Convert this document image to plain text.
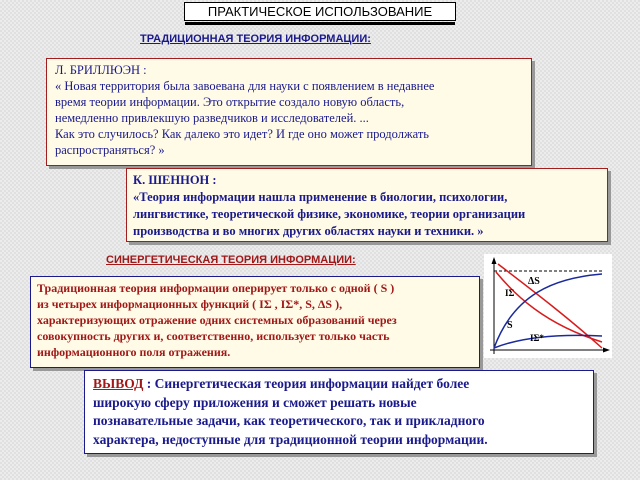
ПРАКТИЧЕСКОЕ ИСПОЛЬЗОВАНИЕ
ТРАДИЦИОННАЯ ТЕОРИЯ ИНФОРМАЦИИ:
Л. БРИЛЛЮЭН :
« Новая территория была завоевана для науки с появлением в недавнее
время теории информации. Это открытие создало новую область,
немедленно привлекшую разведчиков и исследователей. ...
Как это случилось? Как далеко это идет? И где оно может продолжать
распространяться? »
К. ШЕННОН :
«Теория информации нашла применение в биологии, психологии,
лингвистике, теоретической физике, экономике, теории организации
производства и во многих других областях науки и техники. »
СИНЕРГЕТИЧЕСКАЯ ТЕОРИЯ ИНФОРМАЦИИ:
Традиционная теория информации оперирует только с одной ( S )
из четырех информационных функций ( IΣ , IΣ*, S, ΔS ),
характеризующих отражение одних системных образований через
совокупность других и, соответственно, использует только часть
информационного поля отражения.
ΔS
IΣ
S
IΣ*
ВЫВОД : Синергетическая теория информации найдет более
широкую сферу приложения и сможет решать новые
познавательные задачи, как теоретического, так и прикладного
характера, недоступные для традиционной теории информации.
